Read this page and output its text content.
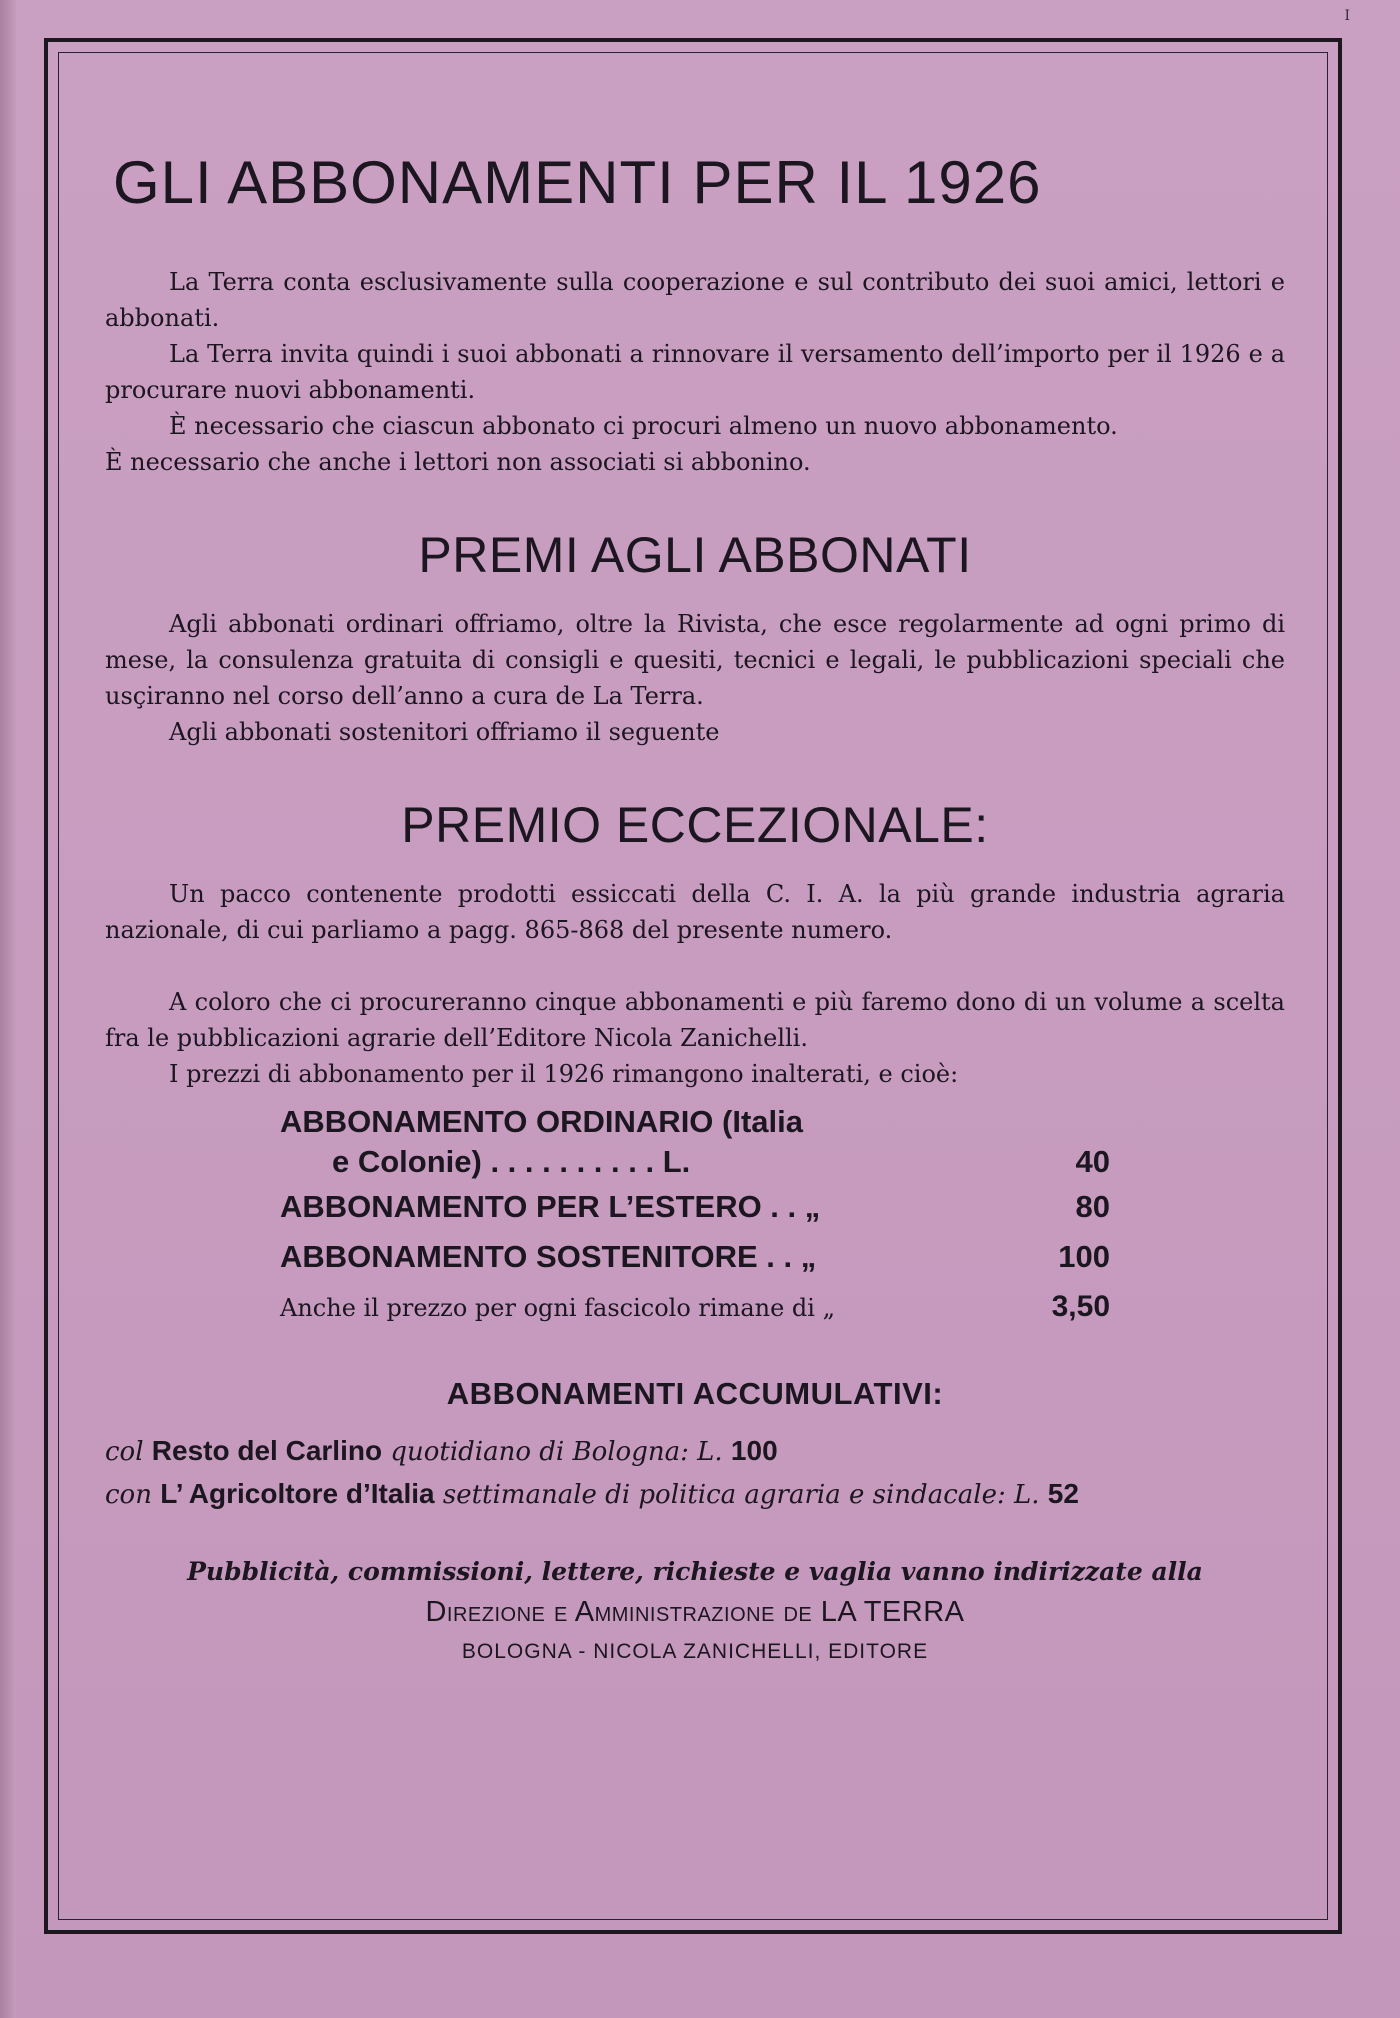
I
GLI ABBONAMENTI PER IL 1926

La Terra conta esclusivamente sulla cooperazione e sul contributo dei suoi amici, lettori e abbonati.

La Terra invita quindi i suoi abbonati a rinnovare il versamento dell’importo per il 1926 e a procurare nuovi abbonamenti.

È necessario che ciascun abbonato ci procuri almeno un nuovo abbonamento.

È necessario che anche i lettori non associati si abbonino.

PREMI AGLI ABBONATI

Agli abbonati ordinari offriamo, oltre la Rivista, che esce regolarmente ad ogni primo di mese, la consulenza gratuita di consigli e quesiti, tecnici e legali, le pubblicazioni speciali che usçiranno nel corso dell’anno a cura de La Terra.

Agli abbonati sostenitori offriamo il seguente

PREMIO ECCEZIONALE:

Un pacco contenente prodotti essiccati della C. I. A. la più grande industria agraria nazionale, di cui parliamo a pagg. 865-868 del presente numero.

A coloro che ci procureranno cinque abbonamenti e più faremo dono di un volume a scelta fra le pubblicazioni agrarie dell’Editore Nicola Zanichelli.

I prezzi di abbonamento per il 1926 rimangono inalterati, e cioè:

ABBONAMENTO ORDINARIO (Italia
e Colonie) . . . . . . . . . . L.	40
ABBONAMENTO PER L’ESTERO . . „	80
ABBONAMENTO SOSTENITORE . . „	100
Anche il prezzo per ogni fascicolo rimane di „	3,50
ABBONAMENTI ACCUMULATIVI:
col Resto del Carlino quotidiano di Bologna: L. 100
con L’ Agricoltore d’Italia settimanale di politica agraria e sindacale: L. 52
Pubblicità, commissioni, lettere, richieste e vaglia vanno indirizzate alla
Direzione e Amministrazione de LA TERRA
BOLOGNA - NICOLA ZANICHELLI, EDITORE
